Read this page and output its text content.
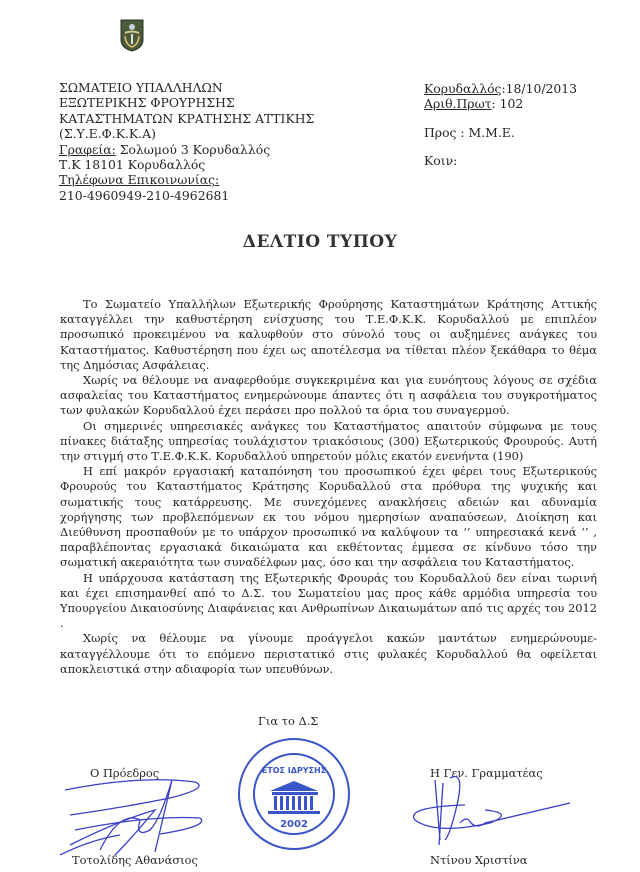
ΣΩΜΑΤΕΙΟ ΥΠΑΛΛΗΛΩΝ
ΕΞΩΤΕΡΙΚΗΣ ΦΡΟΥΡΗΣΗΣ
ΚΑΤΑΣΤΗΜΑΤΩΝ ΚΡΑΤΗΣΗΣ ΑΤΤΙΚΗΣ
(Σ.Υ.Ε.Φ.Κ.Κ.Α)
Γραφεία: Σολωμού 3 Κορυδαλλός
Τ.Κ 18101 Κορυδαλλός
Τηλέφωνα Επικοινωνίας:
210-4960949-210-4962681
Κορυδαλλός:18/10/2013
Αριθ.Πρωτ: 102
Προς : Μ.Μ.Ε.
Κοιν:
ΔΕΛΤΙΟ ΤΥΠΟΥ

Το Σωματείο Υπαλλήλων Εξωτερικής Φρούρησης Καταστημάτων Κράτησης Αττικής καταγγέλλει την καθυστέρηση ενίσχυσης του Τ.Ε.Φ.Κ.Κ. Κορυδαλλού με επιπλέον προσωπικό προκειμένου να καλυφθούν στο σύνολό τους οι αυξημένες ανάγκες του Καταστήματος. Καθυστέρηση που έχει ως αποτέλεσμα να τίθεται πλέον ξεκάθαρα το θέμα της Δημόσιας Ασφάλειας.

Χωρίς να θέλουμε να αναφερθούμε συγκεκριμένα και για ευνόητους λόγους σε σχέδια ασφαλείας του Καταστήματος ενημερώνουμε άπαντες ότι η ασφάλεια του συγκροτήματος των φυλακών Κορυδαλλού έχει περάσει προ πολλού τα όρια του συναγερμού.

Οι σημερινές υπηρεσιακές ανάγκες του Καταστήματος απαιτούν σύμφωνα με τους πίνακες διάταξης υπηρεσίας τουλάχιστον τριακόσιους (300) Εξωτερικούς Φρουρούς. Αυτή την στιγμή στο Τ.Ε.Φ.Κ.Κ. Κορυδαλλού υπηρετούν μόλις εκατόν ενενήντα (190)

Η επί μακρόν εργασιακή καταπόνηση του προσωπικού έχει φέρει τους Εξωτερικούς Φρουρούς του Καταστήματος Κράτησης Κορυδαλλού στα πρόθυρα της ψυχικής και σωματικής τους κατάρρευσης. Με συνεχόμενες ανακλήσεις αδειών και αδυναμία χορήγησης των προβλεπόμενων εκ του νόμου ημερησίων αναπαύσεων, Διοίκηση και Διεύθυνση προσπαθούν με το υπάρχον προσωπικό να καλύψουν τα ‘’ υπηρεσιακά κενά ‘’ , παραβλέποντας εργασιακά δικαιώματα και εκθέτοντας έμμεσα σε κίνδυνο τόσο την σωματική ακεραιότητα των συναδέλφων μας, όσο και την ασφάλεια του Καταστήματος.

Η υπάρχουσα κατάσταση της Εξωτερικής Φρουράς του Κορυδαλλού δεν είναι τωρινή και έχει επισημανθεί από το Δ.Σ. του Σωματείου μας προς κάθε αρμόδια υπηρεσία του Υπουργείου Δικαιοσύνης Διαφάνειας και Ανθρωπίνων Δικαιωμάτων από τις αρχές του 2012 .

Χωρίς να θέλουμε να γίνουμε προάγγελοι κακών μαντάτων ενημερώνουμε-καταγγέλλουμε ότι το επόμενο περιστατικό στις φυλακές Κορυδαλλού θα οφείλεται αποκλειστικά στην αδιαφορία των υπευθύνων.

Για το Δ.Σ
Ο Πρόεδρος	Η Γεν. Γραμματέας
ΕΤΟΣ ΙΔΡΥΣΗΣ
2002
Τοτολίδης Αθανάσιος	Ντίνου Χριστίνα
